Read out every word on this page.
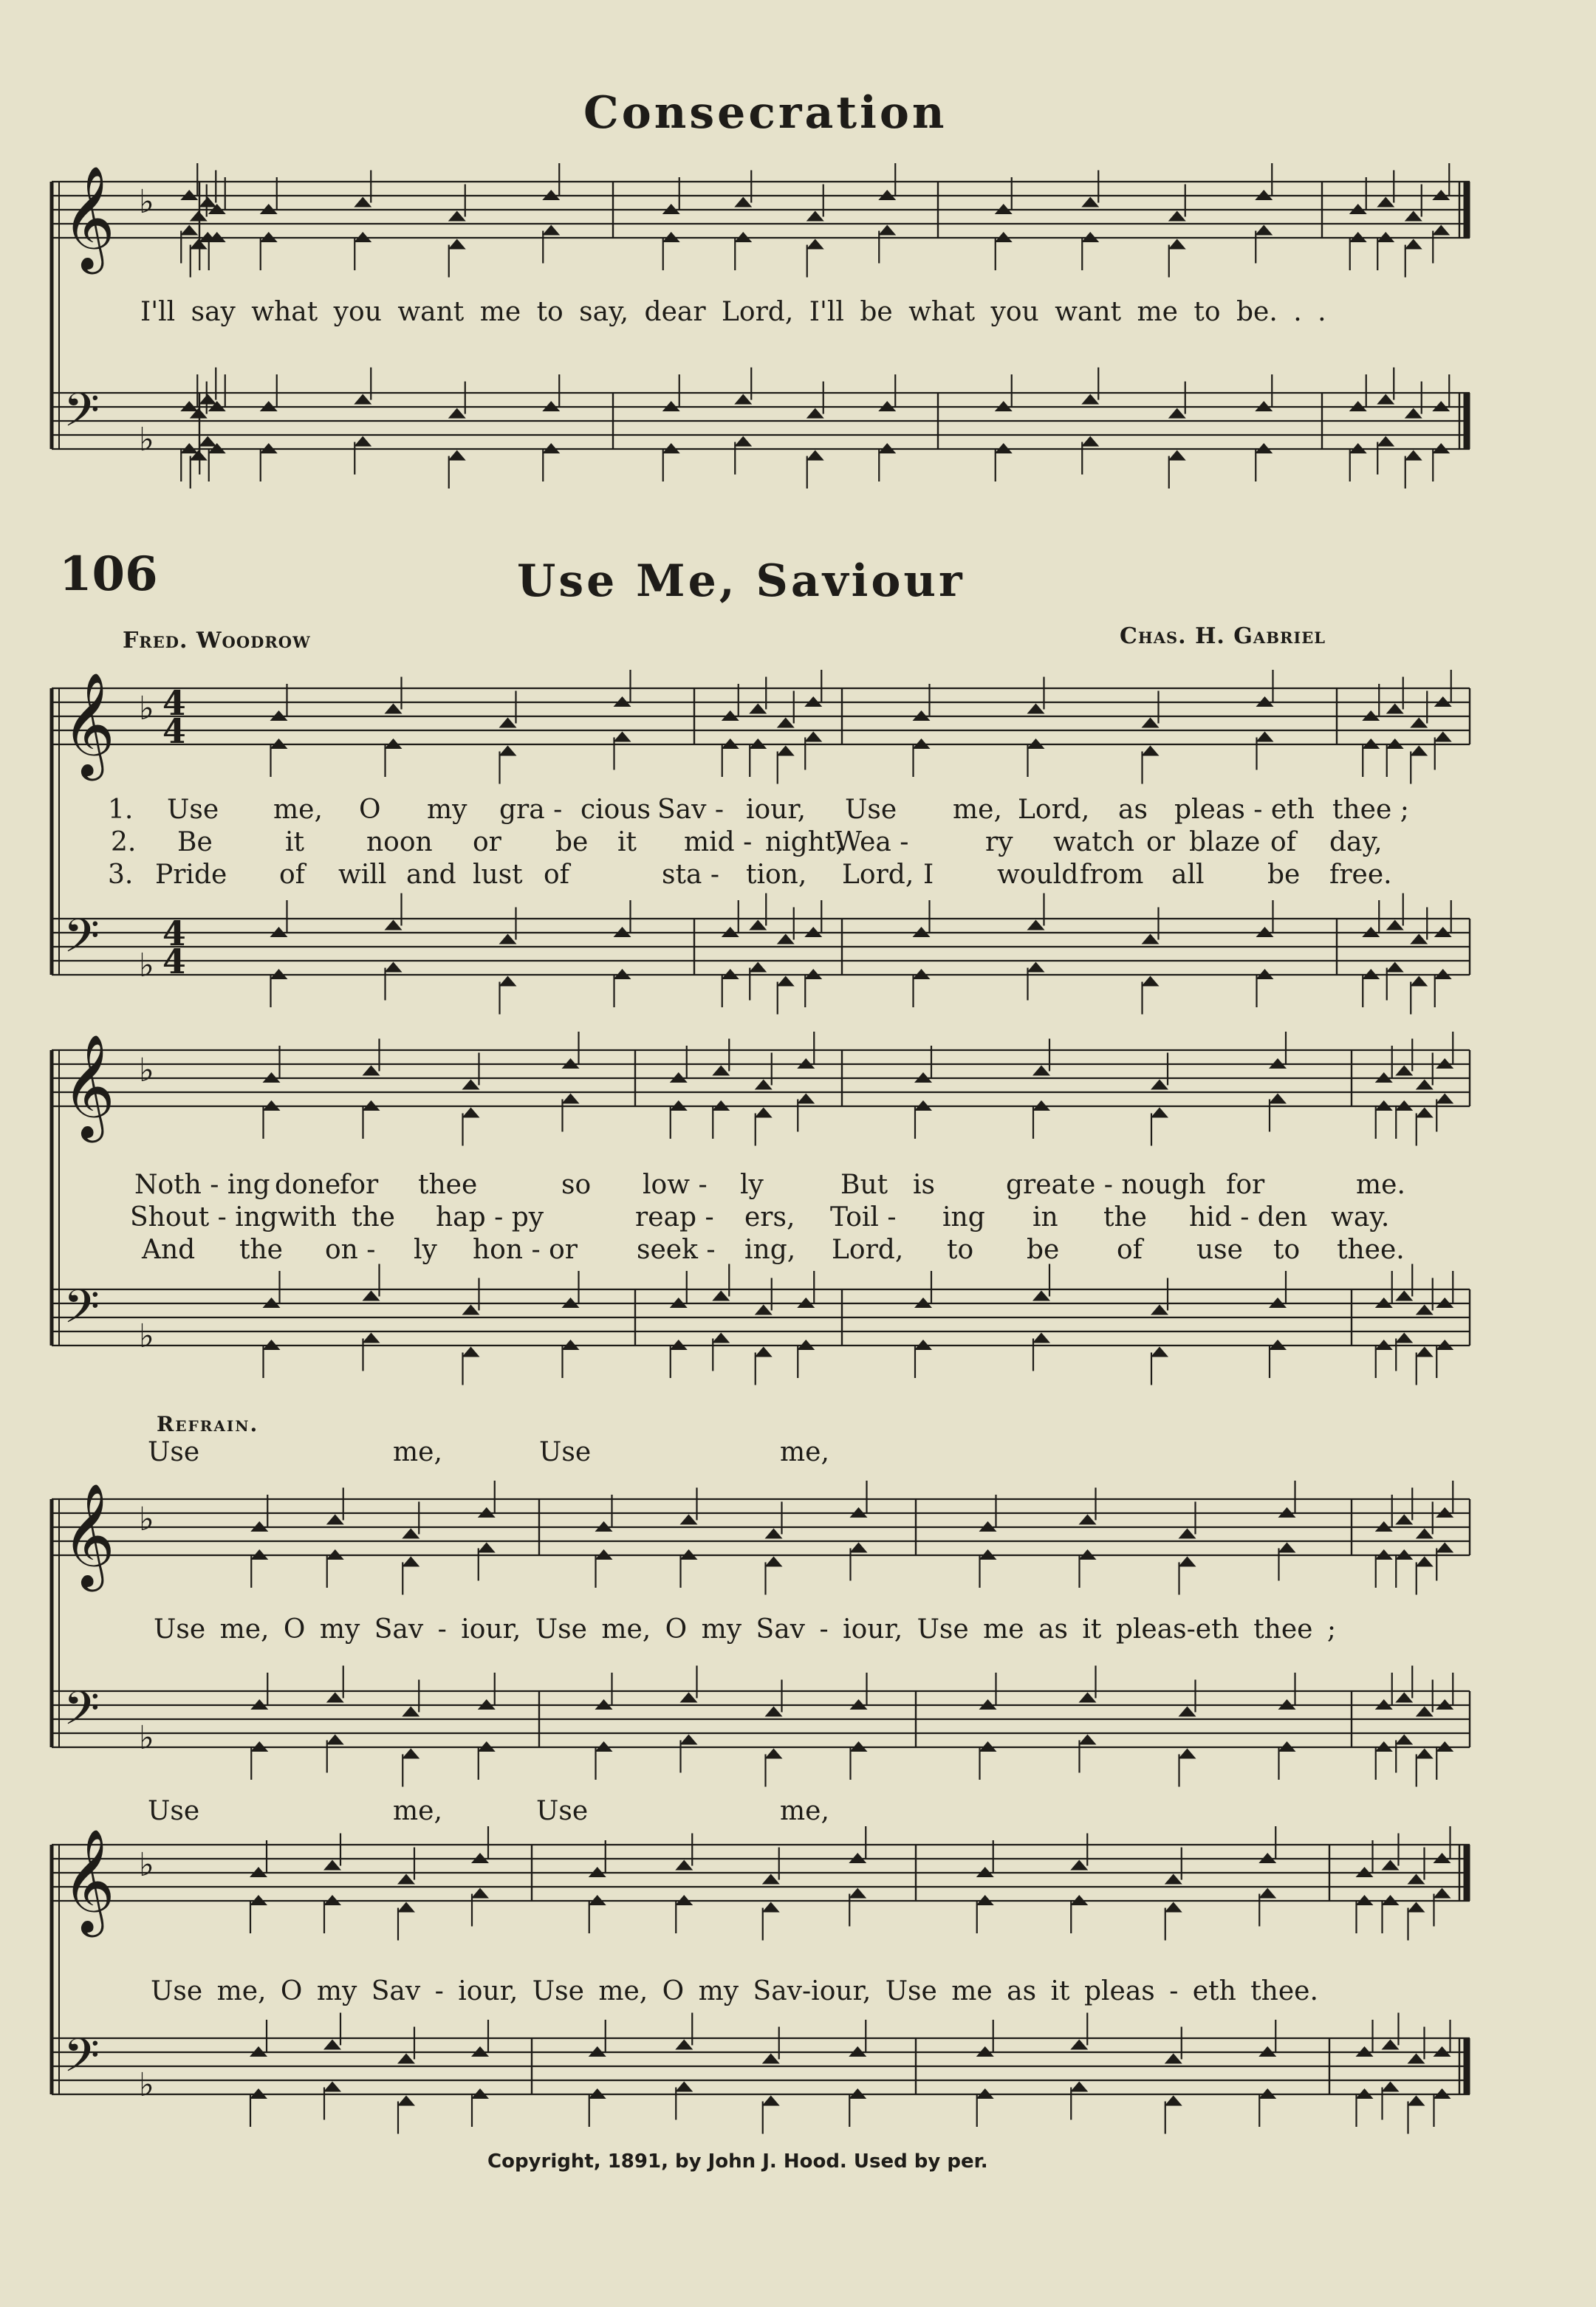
Consecration
𝄞
𝄢
♭
♭
𝄞
𝄢
♭
♭
4
4
4
4
𝄞
𝄢
♭
♭
𝄞
𝄢
♭
♭
𝄞
𝄢
♭
♭
I'll say what you want me to say, dear Lord, I'll be what you want me to be. . .
106	Use Me, Saviour
Fred. Woodrow	Chas. H. Gabriel
1. Use me, O my gra - cious Sav - iour, Use me, Lord, as pleas - eth thee ;
2. Be	it noon or be it mid - night,
Wea -	ry watch or blaze of day,
3. Pride of will and lust of	sta - tion, Lord, I would from all be free.
Noth - ing done
for thee	so low - ly	But is	great e - nough for	me.
Shout - ing with the hap - py	reap - ers, Toil - ing in the hid - den way.
And the on - ly hon - or seek - ing, Lord, to be of use to thee.
Refrain.
Use	me,	Use	me,
Use me, O my Sav - iour, Use me, O my Sav - iour, Use me as it pleas-eth thee ;
Use	me,	Use	me,
Use me, O my Sav - iour, Use me, O my Sav-iour, Use me as it pleas - eth thee.
Copyright, 1891, by John J. Hood. Used by per.
